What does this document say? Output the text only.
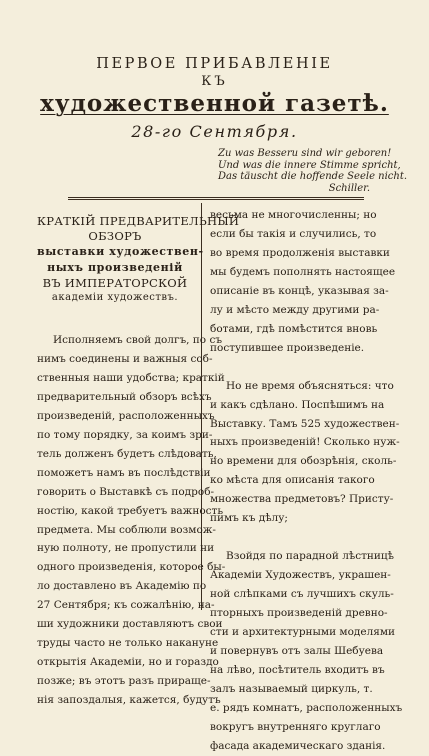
ПЕРВОЕ ПРИБАВЛЕНІЕ
КЪ
художественной газетѣ.
28-го Сентября.
Zu was Besseru sind wir geboren!
Und was die innere Stimme spricht,
Das täuscht die hoffende Seele nicht.
Schiller.
КРАТКІЙ ПРЕДВАРИТЕЛЬНЫЙ
ОБЗОРЪ
выставки художествен-
ныхъ произведеній
ВЪ ИМПЕРАТОРСКОЙ
академіи художествъ.
Исполняемъ свой долгъ, по съ
нимъ соединены и важныя соб-
ственныя наши удобства; краткій
предварительный обзоръ всѣхъ
произведеній, расположенныхъ
по тому порядку, за коимъ зри-
тель долженъ будетъ слѣдовать,
поможетъ намъ въ послѣдствіи
говорить о Выставкѣ съ подроб-
ностію, какой требуетъ важность
предмета. Мы соблюли возмож-
ную полноту, не пропустили ни
одного произведенія, которое бы-
ло доставлено въ Академію по
27 Сентября; къ сожалѣнію, на-
ши художники доставляютъ свои
труды часто не только накануне
открытія Академіи, но и гораздо
позже; въ этотъ разъ прираще-
нія запоздалыя, кажется, будутъ
весьма не многочисленны; но
если бы такія и случились, то
во время продолженія выставки
мы будемъ пополнять настоящее
описаніе въ концѣ, указывая за-
лу и мѣсто между другими ра-
ботами, гдѣ помѣстится вновь
поступившее произведеніе.
Но не время объясняться: что
и какъ сдѣлано. Поспѣшимъ на
Выставку. Тамъ 525 художествен-
ныхъ произведеній! Сколько нуж-
но времени для обозрѣнія, сколь-
ко мѣста для описанія такого
множества предметовъ? Присту-
пимъ къ дѣлу;
Взойдя по парадной лѣстницѣ
Академіи Художествъ, украшен-
ной слѣпками съ лучшихъ скуль-
пторныхъ произведеній древно-
сти и архитектурными моделями
и повернувъ отъ залы Шебуева
на лѣво, посѣтитель входитъ въ
залъ называемый циркуль, т.
е. рядъ комнатъ, расположенныхъ
вокругъ внутренняго круглаго
фасада академическаго зданія.
